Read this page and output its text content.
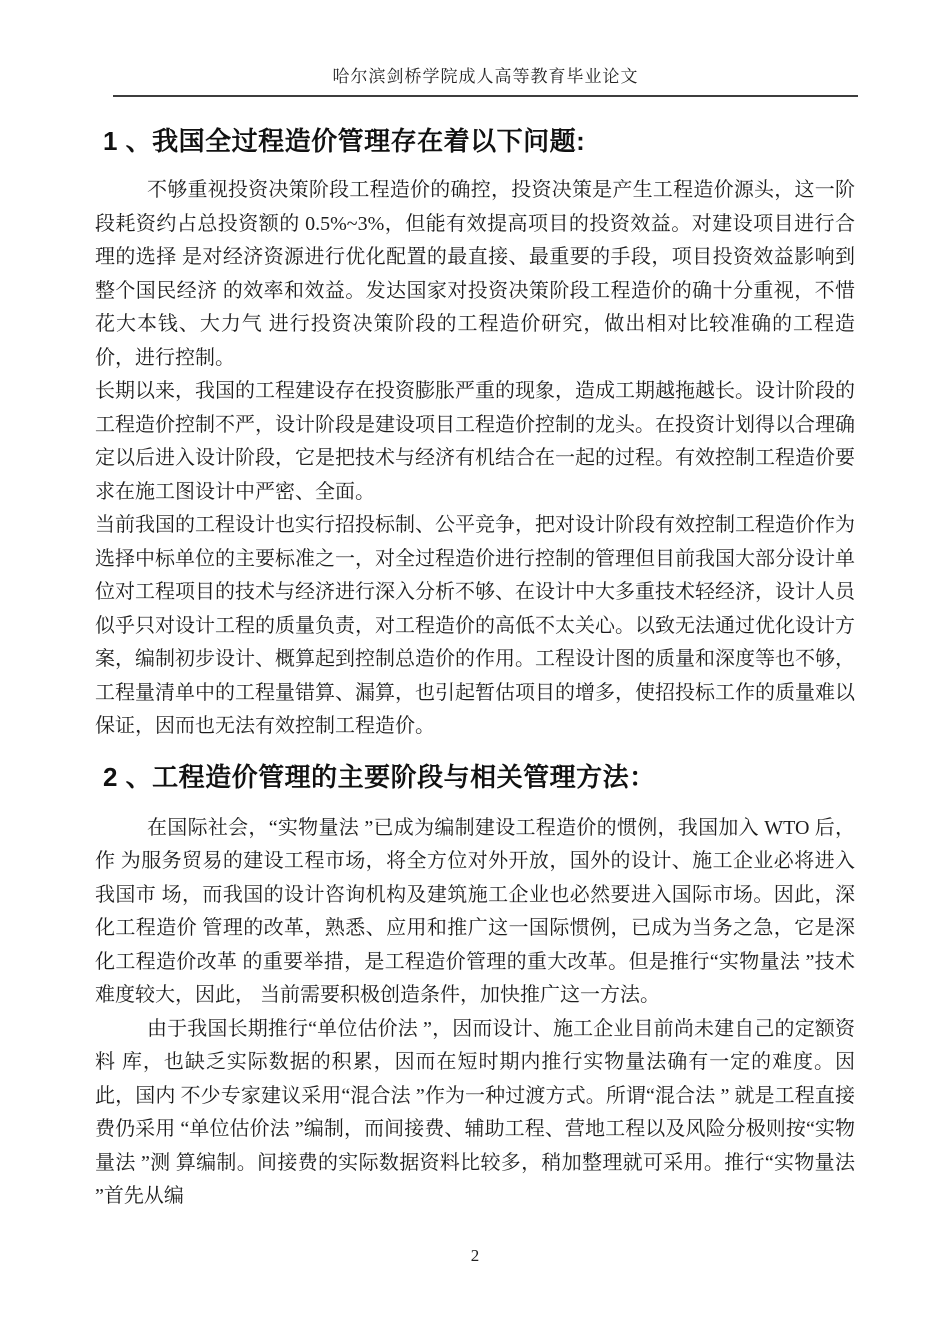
哈尔滨剑桥学院成人高等教育毕业论文
1 、我国全过程造价管理存在着以下问题:

不够重视投资决策阶段工程造价的确控，投资决策是产生工程造价源头，这一阶段耗资约占总投资额的 0.5%~3%，但能有效提高项目的投资效益。对建设项目进行合理的选择 是对经济资源进行优化配置的最直接、最重要的手段，项目投资效益影响到整个国民经济 的效率和效益。发达国家对投资决策阶段工程造价的确十分重视，不惜花大本钱、大力气 进行投资决策阶段的工程造价研究，做出相对比较准确的工程造价，进行控制。

长期以来，我国的工程建设存在投资膨胀严重的现象，造成工期越拖越长。设计阶段的工程造价控制不严，设计阶段是建设项目工程造价控制的龙头。在投资计划得以合理确定以后进入设计阶段，它是把技术与经济有机结合在一起的过程。有效控制工程造价要求在施工图设计中严密、全面。

当前我国的工程设计也实行招投标制、公平竞争，把对设计阶段有效控制工程造价作为选择中标单位的主要标准之一，对全过程造价进行控制的管理但目前我国大部分设计单位对工程项目的技术与经济进行深入分析不够、在设计中大多重技术轻经济，设计人员似乎只对设计工程的质量负责，对工程造价的高低不太关心。以致无法通过优化设计方案，编制初步设计、概算起到控制总造价的作用。工程设计图的质量和深度等也不够，工程量清单中的工程量错算、漏算，也引起暂估项目的增多，使招投标工作的质量难以保证，因而也无法有效控制工程造价。

2 、工程造价管理的主要阶段与相关管理方法：

在国际社会，“实物量法 ”已成为编制建设工程造价的惯例，我国加入 WTO 后，作 为服务贸易的建设工程市场，将全方位对外开放，国外的设计、施工企业必将进入我国市 场，而我国的设计咨询机构及建筑施工企业也必然要进入国际市场。因此，深化工程造价 管理的改革，熟悉、应用和推广这一国际惯例，已成为当务之急，它是深化工程造价改革 的重要举措，是工程造价管理的重大改革。但是推行“实物量法 ”技术难度较大，因此， 当前需要积极创造条件，加快推广这一方法。

由于我国长期推行“单位估价法 ”，因而设计、施工企业目前尚未建自己的定额资料 库，也缺乏实际数据的积累，因而在短时期内推行实物量法确有一定的难度。因此，国内 不少专家建议采用“混合法 ”作为一种过渡方式。所谓“混合法 ” 就是工程直接费仍采用 “单位估价法 ”编制，而间接费、辅助工程、营地工程以及风险分极则按“实物量法 ”测 算编制。间接费的实际数据资料比较多，稍加整理就可采用。推行“实物量法 ”首先从编

2
